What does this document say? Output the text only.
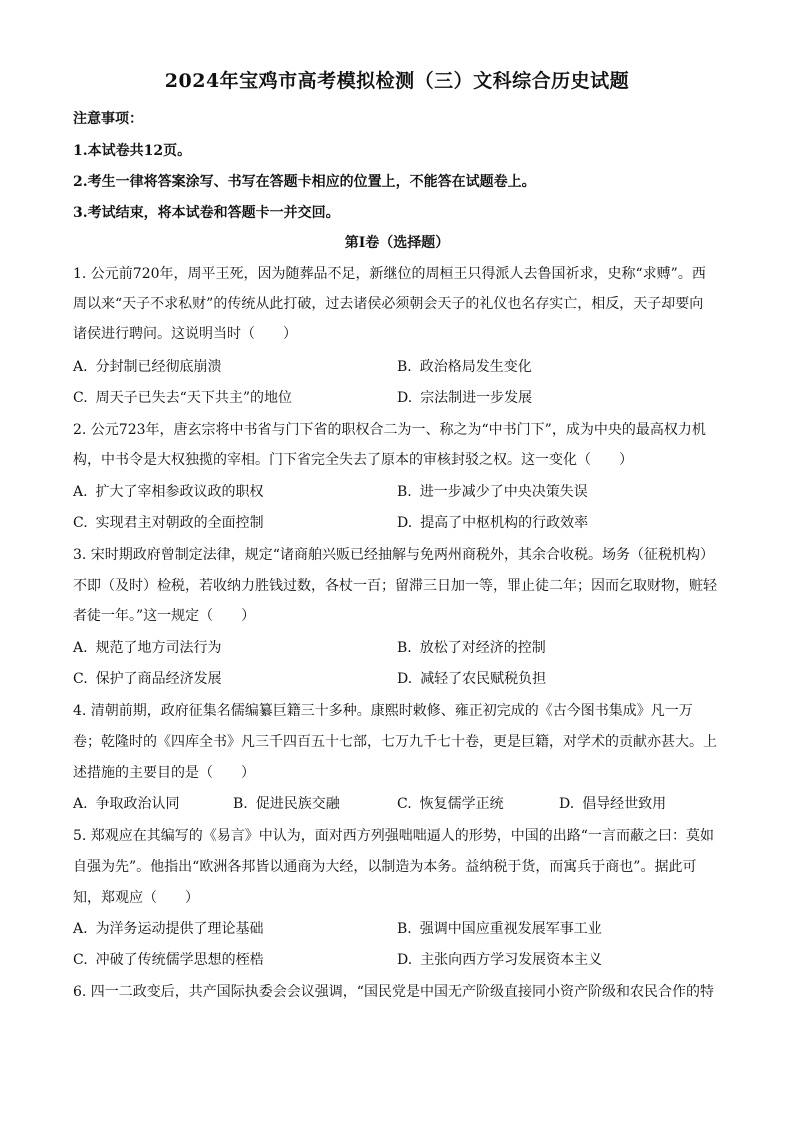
2024年宝鸡市高考模拟检测（三）文科综合历史试题
注意事项：
1.本试卷共12页。
2.考生一律将答案涂写、书写在答题卡相应的位置上，不能答在试题卷上。
3.考试结束，将本试卷和答题卡一并交回。
第Ⅰ卷（选择题）
1. 公元前720年，周平王死，因为随葬品不足，新继位的周桓王只得派人去鲁国祈求，史称“求赙”。西
周以来“天子不求私财”的传统从此打破，过去诸侯必须朝会天子的礼仪也名存实亡，相反，天子却要向
诸侯进行聘问。这说明当时（　　）
A. 分封制已经彻底崩溃	B. 政治格局发生变化
C. 周天子已失去“天下共主”的地位	D. 宗法制进一步发展
2. 公元723年，唐玄宗将中书省与门下省的职权合二为一、称之为“中书门下”，成为中央的最高权力机
构，中书令是大权独揽的宰相。门下省完全失去了原本的审核封驳之权。这一变化（　　）
A. 扩大了宰相参政议政的职权	B. 进一步减少了中央决策失误
C. 实现君主对朝政的全面控制	D. 提高了中枢机构的行政效率
3. 宋时期政府曾制定法律，规定“诸商舶兴贩已经抽解与免两州商税外，其余合收税。场务（征税机构）
不即（及时）检税，若收纳力胜钱过数，各杖一百；留滞三日加一等，罪止徒二年；因而乞取财物，赃轻
者徒一年。”这一规定（　　）
A. 规范了地方司法行为	B. 放松了对经济的控制
C. 保护了商品经济发展	D. 减轻了农民赋税负担
4. 清朝前期，政府征集名儒编纂巨籍三十多种。康熙时敕修、雍正初完成的《古今图书集成》凡一万
卷；乾隆时的《四库全书》凡三千四百五十七部，七万九千七十卷，更是巨籍，对学术的贡献亦甚大。上
述措施的主要目的是（　　）
A. 争取政治认同	B. 促进民族交融	C. 恢复儒学正统	D. 倡导经世致用
5. 郑观应在其编写的《易言》中认为，面对西方列强咄咄逼人的形势，中国的出路“一言而蔽之曰：莫如
自强为先”。他指出“欧洲各邦皆以通商为大经，以制造为本务。益纳税于货，而寓兵于商也”。据此可
知，郑观应（　　）
A. 为洋务运动提供了理论基础	B. 强调中国应重视发展军事工业
C. 冲破了传统儒学思想的桎梏	D. 主张向西方学习发展资本主义
6. 四一二政变后，共产国际执委会会议强调，“国民党是中国无产阶级直接同小资产阶级和农民合作的特
